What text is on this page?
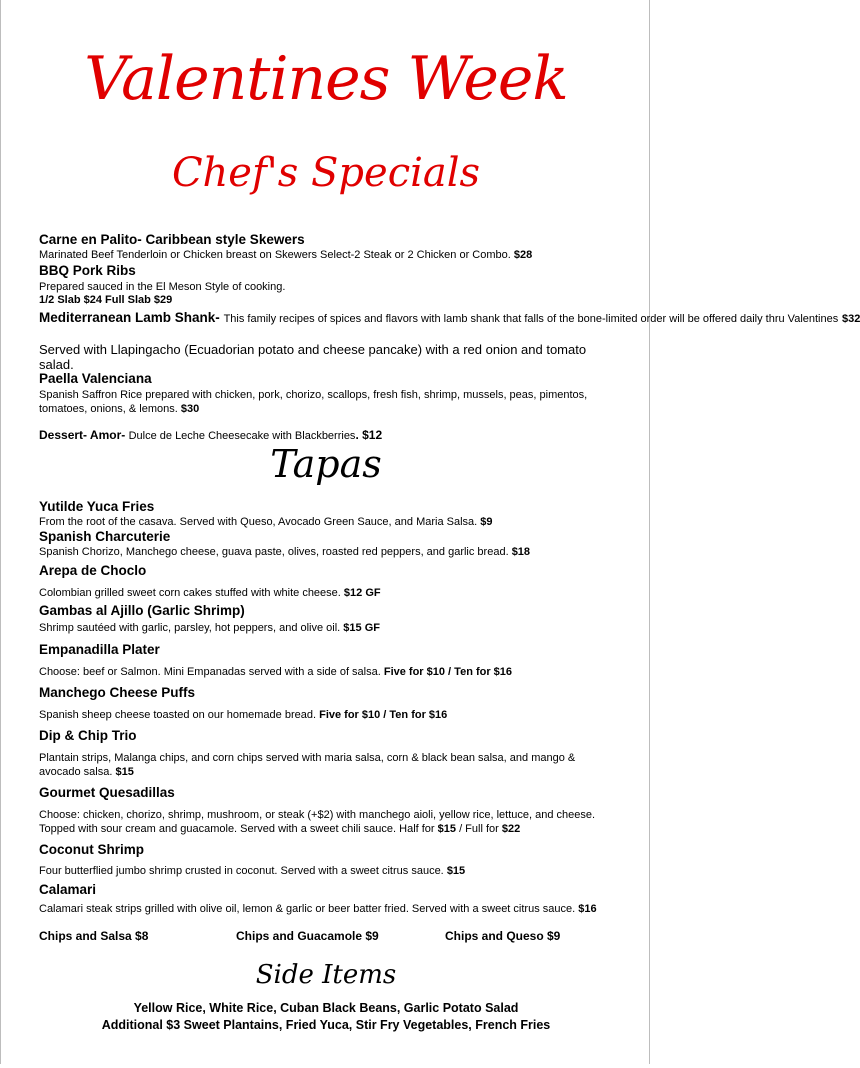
Valentines Week
Chef's Specials

Carne en Palito- Caribbean style Skewers

Marinated Beef Tenderloin or Chicken breast on Skewers Select-2 Steak or 2 Chicken or Combo. $28

BBQ Pork Ribs

Prepared sauced in the El Meson Style of cooking.

1/2 Slab $24 Full Slab $29

Mediterranean Lamb Shank- This family recipes of spices and flavors with lamb shank that falls of the bone-limited order will be offered daily thru Valentines $32

Served with Llapingacho (Ecuadorian potato and cheese pancake) with a red onion and tomato salad.

Paella Valenciana

Spanish Saffron Rice prepared with chicken, pork, chorizo, scallops, fresh fish, shrimp, mussels, peas, pimentos, tomatoes, onions, & lemons. $30

Dessert- Amor- Dulce de Leche Cheesecake with Blackberries. $12

Tapas

Yutilde Yuca Fries

From the root of the casava. Served with Queso, Avocado Green Sauce, and Maria Salsa. $9

Spanish Charcuterie

Spanish Chorizo, Manchego cheese, guava paste, olives, roasted red peppers, and garlic bread. $18

Arepa de Choclo

Colombian grilled sweet corn cakes stuffed with white cheese. $12 GF

Gambas al Ajillo (Garlic Shrimp)

Shrimp sautéed with garlic, parsley, hot peppers, and olive oil. $15 GF

Empanadilla Plater

Choose: beef or Salmon. Mini Empanadas served with a side of salsa. Five for $10 / Ten for $16

Manchego Cheese Puffs

Spanish sheep cheese toasted on our homemade bread. Five for $10 / Ten for $16

Dip & Chip Trio

Plantain strips, Malanga chips, and corn chips served with maria salsa, corn & black bean salsa, and mango & avocado salsa. $15

Gourmet Quesadillas

Choose: chicken, chorizo, shrimp, mushroom, or steak (+$2) with manchego aioli, yellow rice, lettuce, and cheese. Topped with sour cream and guacamole. Served with a sweet chili sauce. Half for $15 / Full for $22

Coconut Shrimp

Four butterflied jumbo shrimp crusted in coconut. Served with a sweet citrus sauce. $15

Calamari

Calamari steak strips grilled with olive oil, lemon & garlic or beer batter fried. Served with a sweet citrus sauce. $16

Chips and Salsa $8	Chips and Guacamole $9	Chips and Queso $9

Side Items

Yellow Rice, White Rice, Cuban Black Beans, Garlic Potato Salad

Additional $3 Sweet Plantains, Fried Yuca, Stir Fry Vegetables, French Fries
